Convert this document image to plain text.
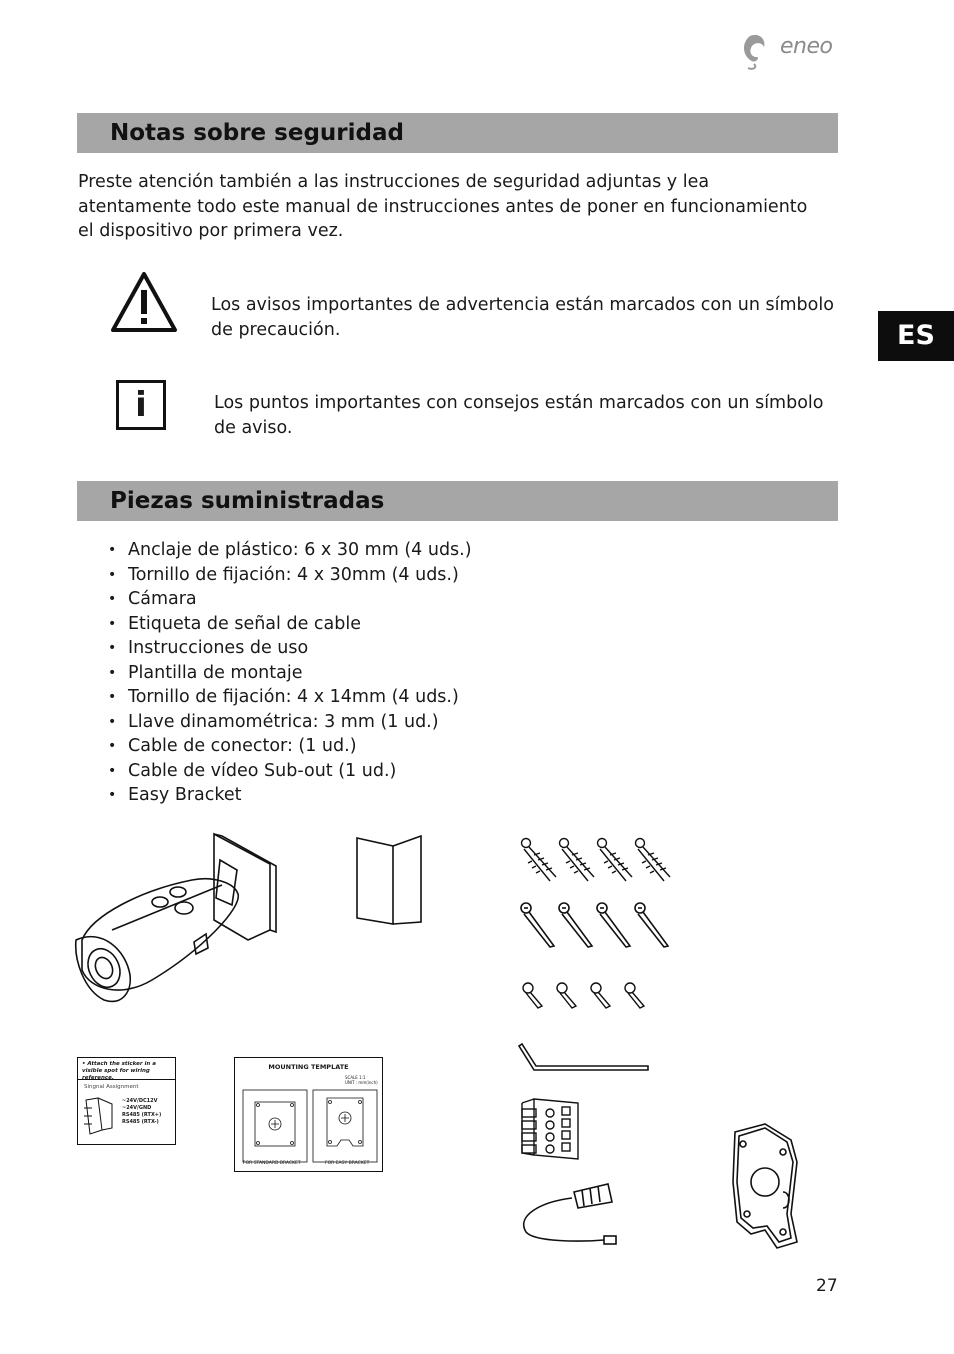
eneo
ES
Notas sobre seguridad
Preste atención también a las instrucciones de seguridad adjuntas y lea atentamente todo este manual de instrucciones antes de poner en funcionamiento el dispositivo por primera vez.
Los avisos importantes de advertencia están marcados con un símbolo de precaución.
i	Los puntos importantes con consejos están marcados con un símbolo de aviso.
Piezas suministradas
• Anclaje de plástico: 6 x 30 mm (4 uds.)
• Tornillo de fijación: 4 x 30mm (4 uds.)
• Cámara
• Etiqueta de señal de cable
• Instrucciones de uso
• Plantilla de montaje
• Tornillo de fijación: 4 x 14mm (4 uds.)
• Llave dinamométrica: 3 mm (1 ud.)
• Cable de conector: (1 ud.)
• Cable de vídeo Sub-out (1 ud.)
• Easy Bracket
• Attach the sticker in a visible spot for wiring reference.
Singnal Assignment
~24V/DC12V
~24V/GND
RS485 (RTX+)
RS485 (RTX-)
MOUNTING TEMPLATE
SCALE 1:1
UNIT : mm(inch)
FOR STANDARD BRACKET	FOR EASY BRACKET
27
